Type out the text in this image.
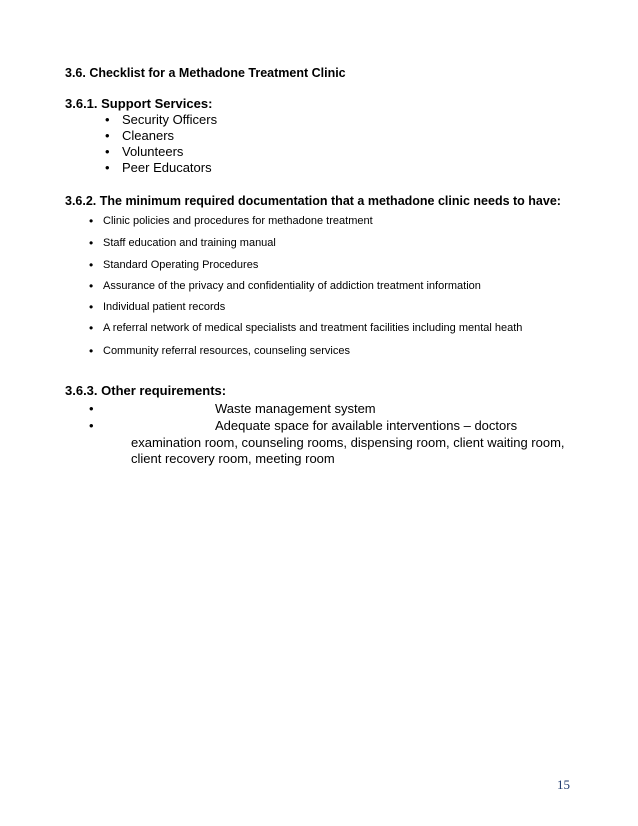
3.6. Checklist for a Methadone Treatment Clinic
3.6.1. Support Services:
• Security Officers
• Cleaners
• Volunteers
• Peer Educators
3.6.2. The minimum required documentation that a methadone clinic needs to have:
• Clinic policies and procedures for methadone treatment
• Staff education and training manual
• Standard Operating Procedures
• Assurance of the privacy and confidentiality of addiction treatment information
• Individual patient records
• A referral network of medical specialists and treatment facilities including mental heath
• Community referral resources, counseling services
3.6.3. Other requirements:
•	Waste management system
•	Adequate space for available interventions – doctors
examination room, counseling rooms, dispensing room, client waiting room,
client recovery room, meeting room
15
